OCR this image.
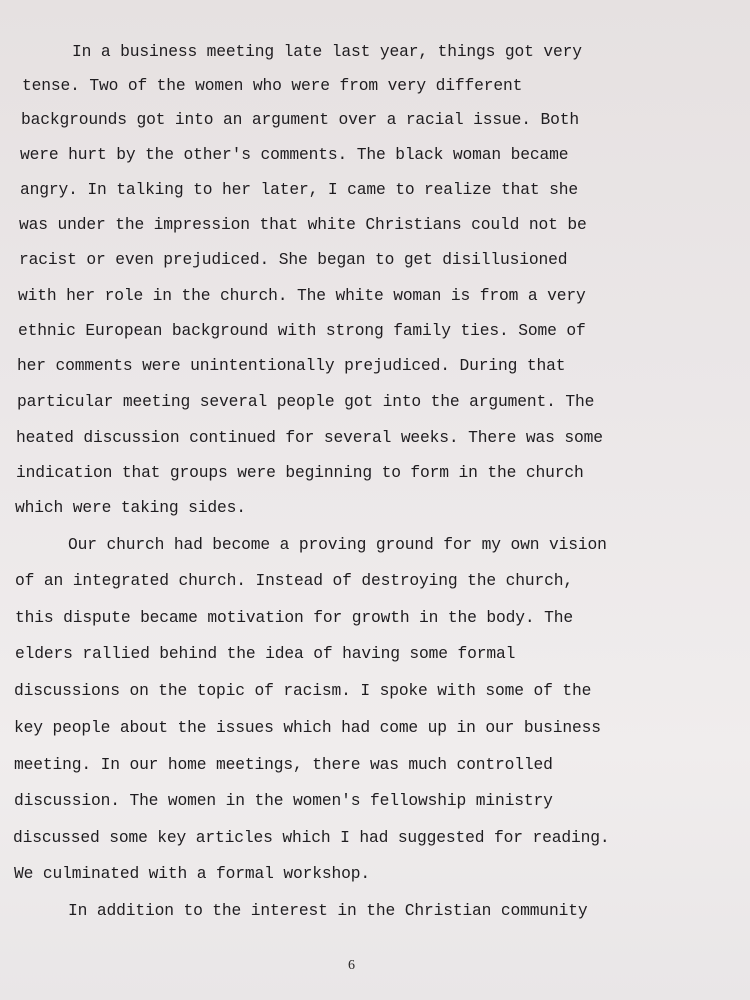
In a business meeting late last year, things got very
tense. Two of the women who were from very different
backgrounds got into an argument over a racial issue. Both
were hurt by the other's comments. The black woman became
angry. In talking to her later, I came to realize that she
was under the impression that white Christians could not be
racist or even prejudiced. She began to get disillusioned
with her role in the church. The white woman is from a very
ethnic European background with strong family ties. Some of
her comments were unintentionally prejudiced. During that
particular meeting several people got into the argument. The
heated discussion continued for several weeks. There was some
indication that groups were beginning to form in the church
which were taking sides.
Our church had become a proving ground for my own vision
of an integrated church. Instead of destroying the church,
this dispute became motivation for growth in the body. The
elders rallied behind the idea of having some formal
discussions on the topic of racism. I spoke with some of the
key people about the issues which had come up in our business
meeting. In our home meetings, there was much controlled
discussion. The women in the women's fellowship ministry
discussed some key articles which I had suggested for reading.
We culminated with a formal workshop.
In addition to the interest in the Christian community
6
